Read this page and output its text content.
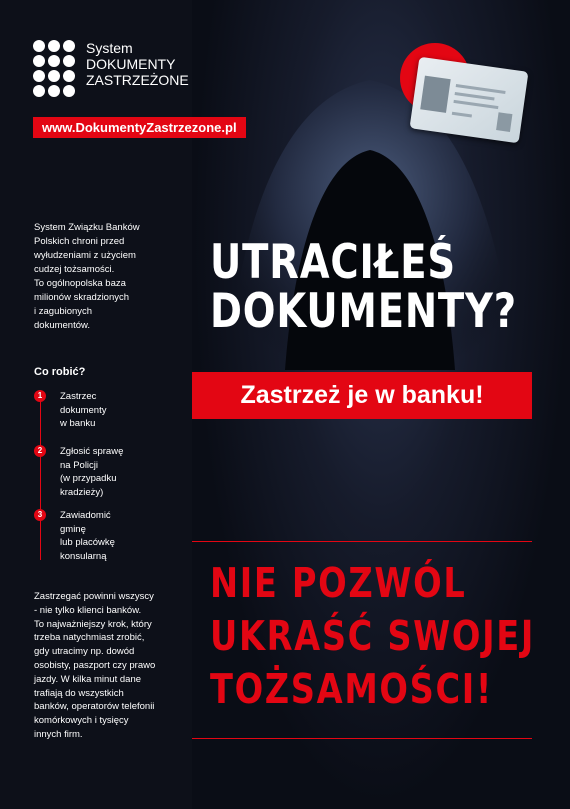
System
DOKUMENTY
ZASTRZEŻONE
www.DokumentyZastrzezone.pl
System Związku Banków
Polskich chroni przed
wyłudzeniami z użyciem
cudzej tożsamości.
To ogólnopolska baza
milionów skradzionych
i zagubionych
dokumentów.
Co robić?
1	Zastrzec
dokumenty
w banku
2	Zgłosić sprawę
na Policji
(w przypadku
kradzieży)
3	Zawiadomić
gminę
lub placówkę
konsularną
Zastrzegać powinni wszyscy
- nie tylko klienci banków.
To najważniejszy krok, który
trzeba natychmiast zrobić,
gdy utracimy np. dowód
osobisty, paszport czy prawo
jazdy. W kilka minut dane
trafiają do wszystkich
banków, operatorów telefonii
komórkowych i tysięcy
innych firm.
UTRACIŁEŚ
DOKUMENTY?
Zastrzeż je w banku!
NIE POZWÓL
UKRAŚĆ SWOJEJ
TOŻSAMOŚCI!
